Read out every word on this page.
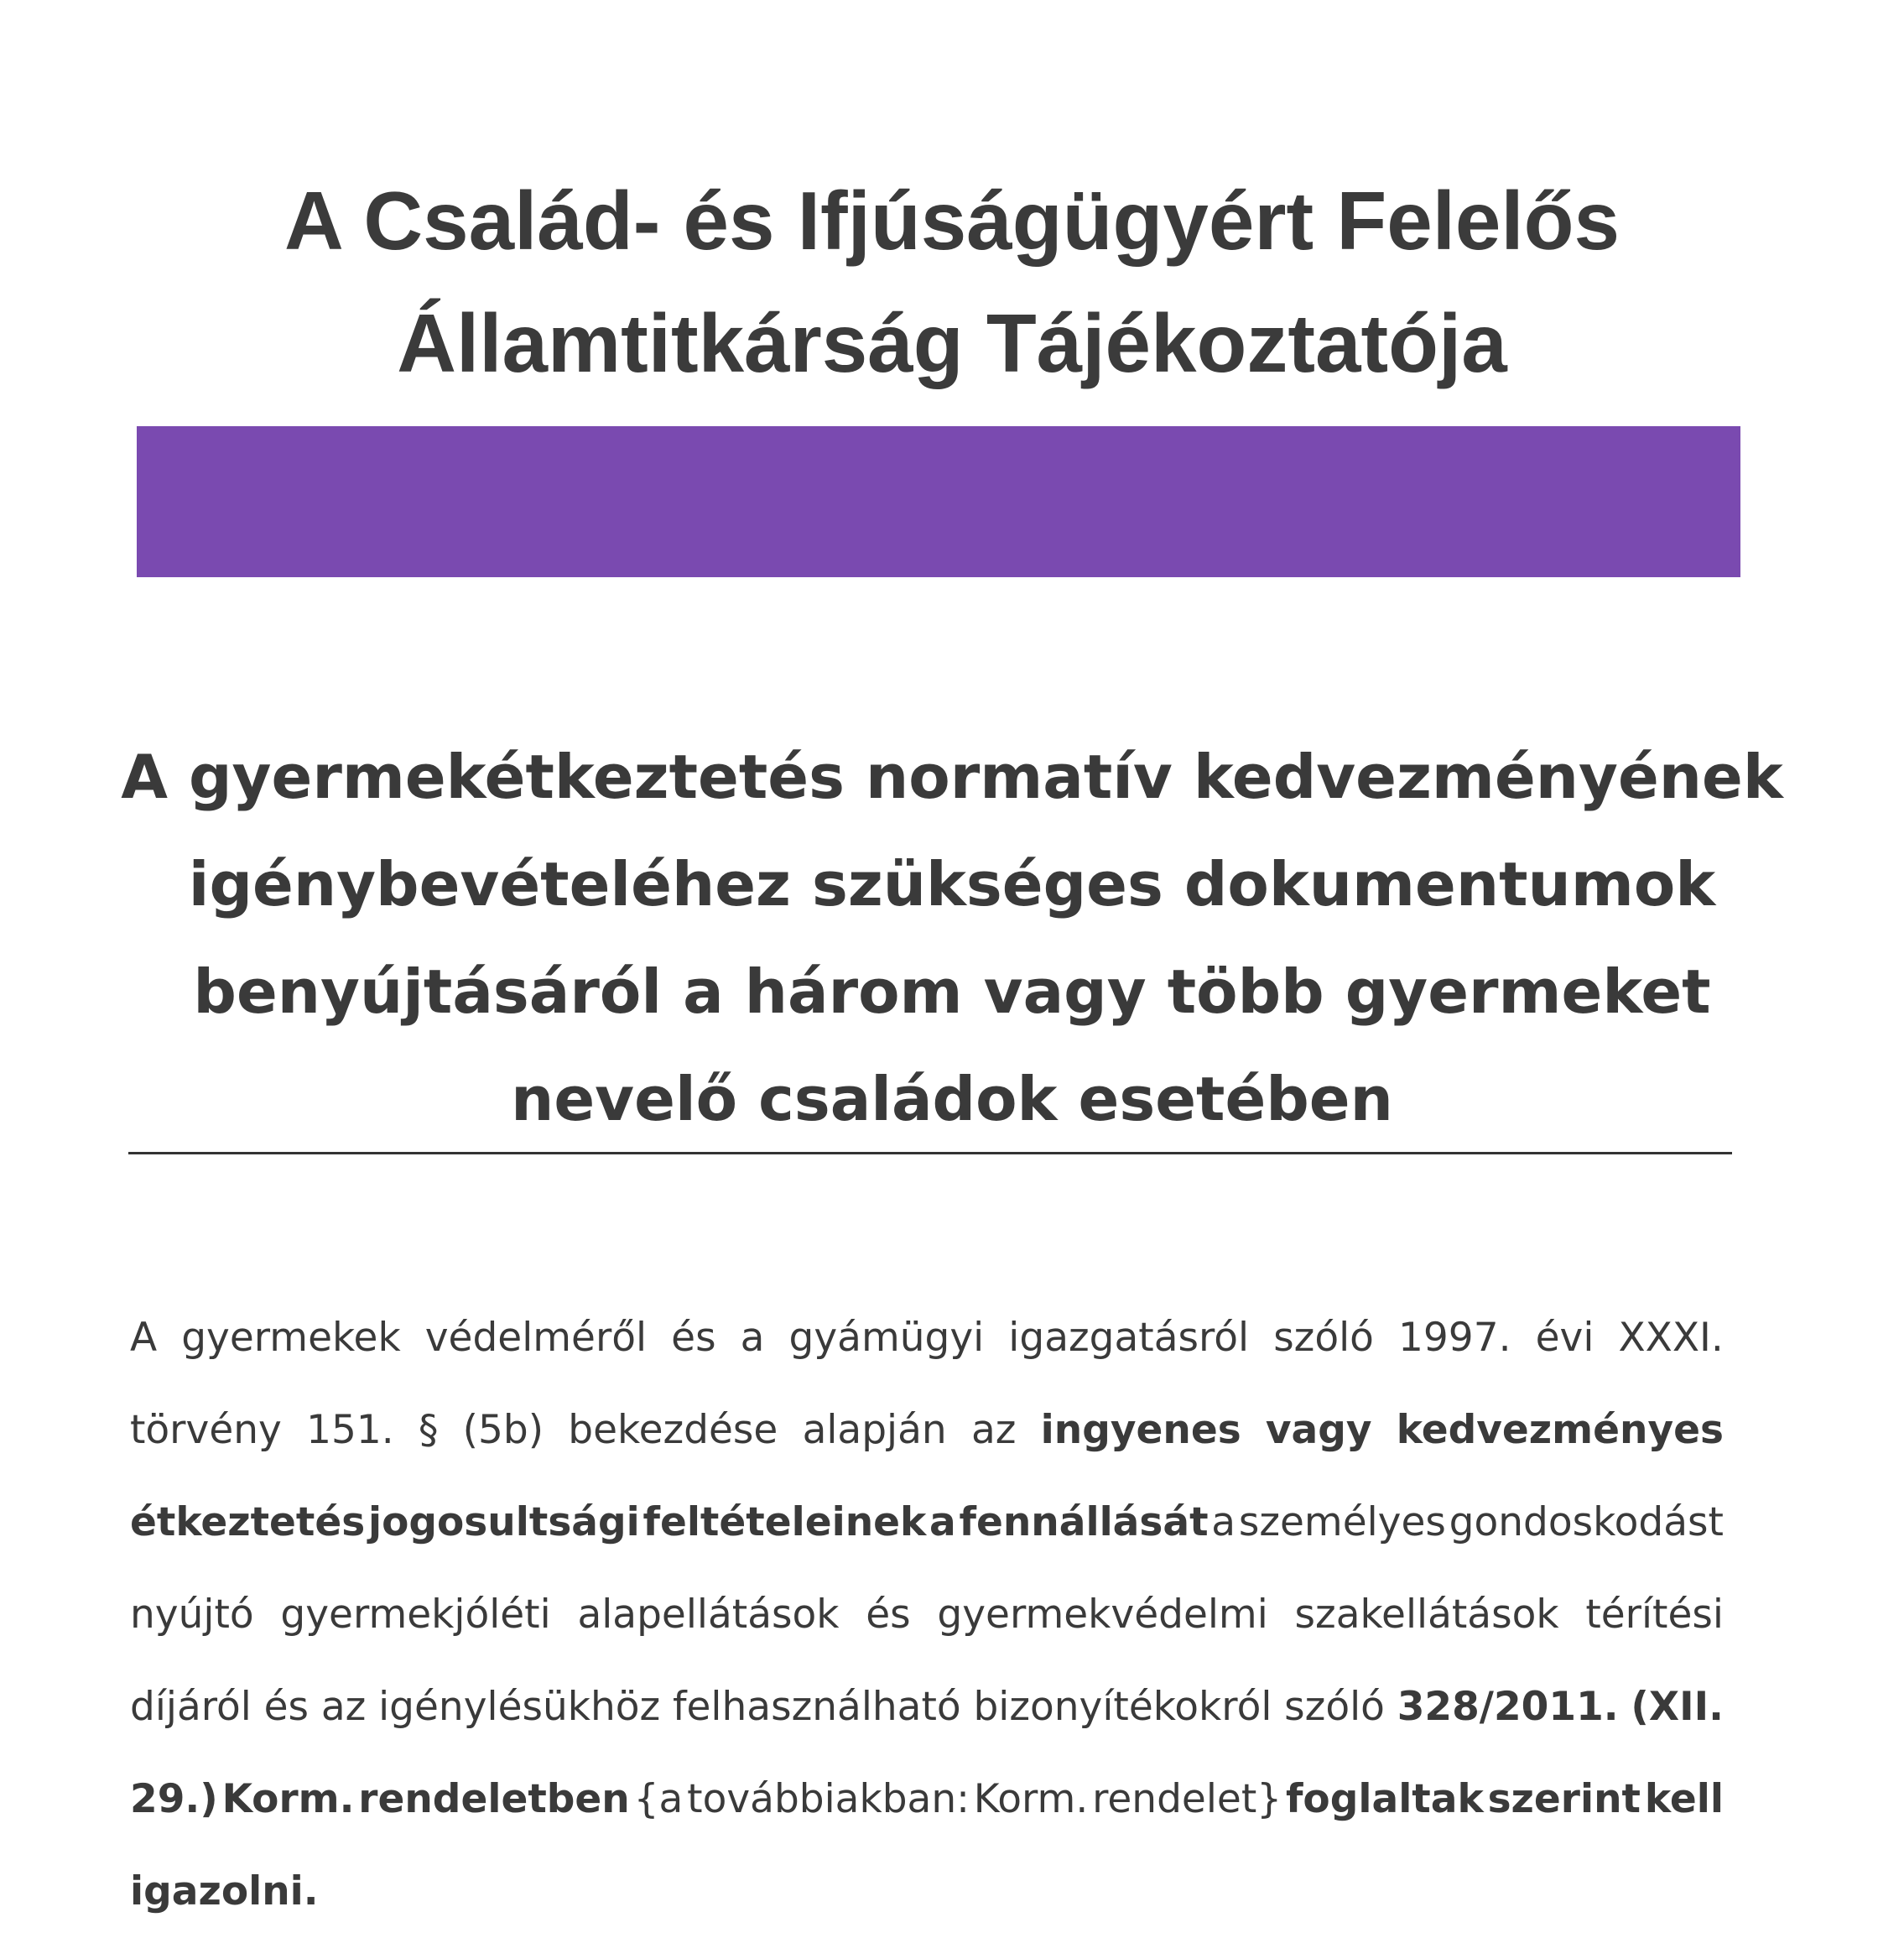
A Család- és Ifjúságügyért Felelős
Államtitkárság Tájékoztatója
A gyermekétkeztetés normatív kedvezményének
igénybevételéhez szükséges dokumentumok
benyújtásáról a három vagy több gyermeket
nevelő családok esetében
A gyermekek védelméről és a gyámügyi igazgatásról szóló 1997. évi XXXI.
törvény 151. § (5b) bekezdése alapján az ingyenes vagy kedvezményes
étkeztetés jogosultsági feltételeinek a fennállását a személyes gondoskodást
nyújtó gyermekjóléti alapellátások és gyermekvédelmi szakellátások térítési
díjáról és az igénylésükhöz felhasználható bizonyítékokról szóló 328/2011. (XII.
29.) Korm. rendeletben {a továbbiakban: Korm. rendelet} foglaltak szerint kell
igazolni.
